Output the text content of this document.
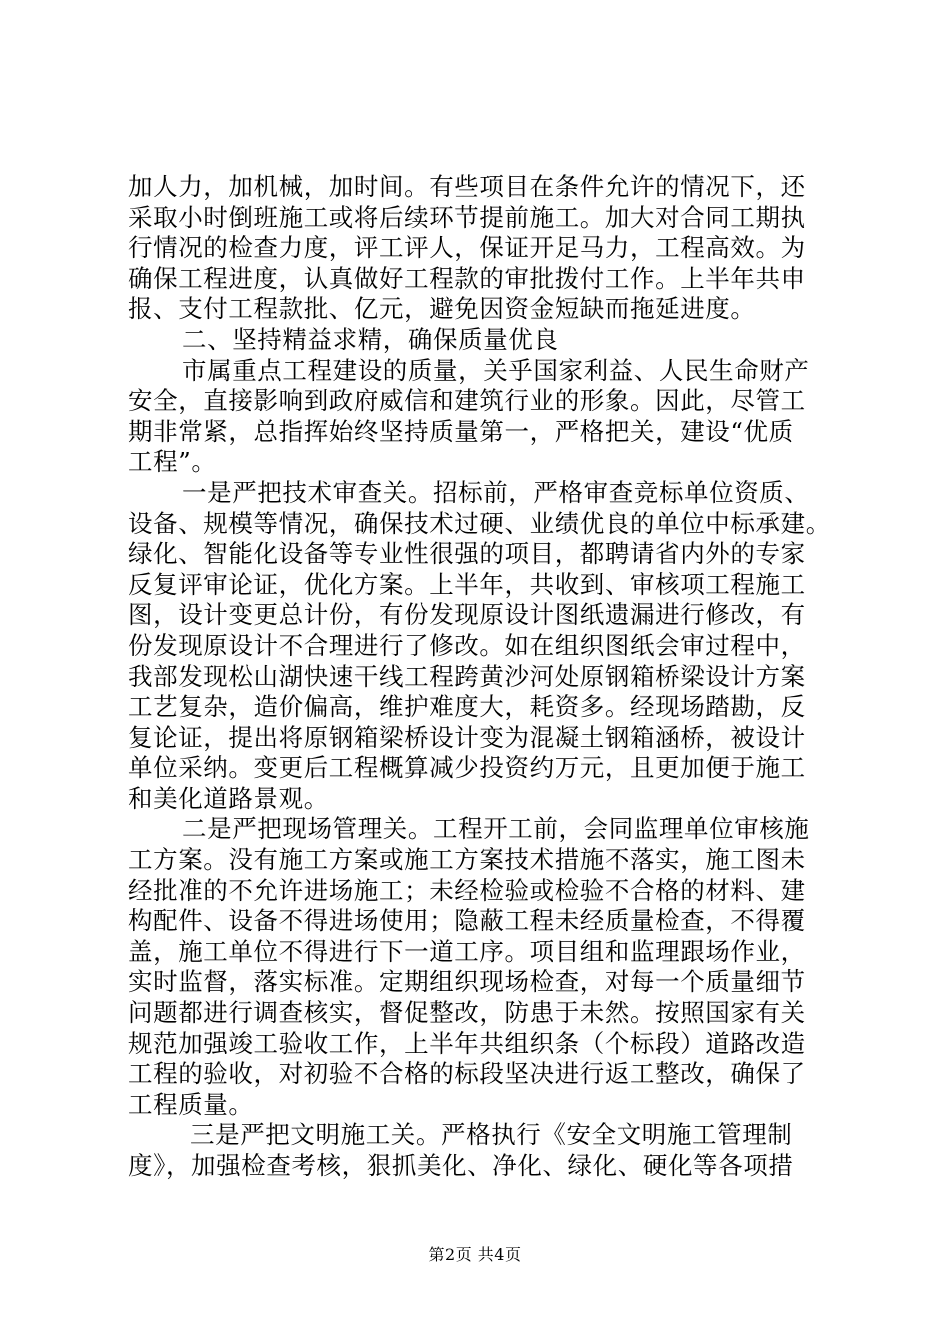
加人力，加机械，加时间。有些项目在条件允许的情况下，还
采取小时倒班施工或将后续环节提前施工。加大对合同工期执
行情况的检查力度，评工评人，保证开足马力，工程高效。为
确保工程进度，认真做好工程款的审批拨付工作。上半年共申
报、支付工程款批、亿元，避免因资金短缺而拖延进度。
二、坚持精益求精，确保质量优良
市属重点工程建设的质量，关乎国家利益、人民生命财产
安全，直接影响到政府威信和建筑行业的形象。因此，尽管工
期非常紧，总指挥始终坚持质量第一，严格把关，建设“优质
工程”。
一是严把技术审查关。招标前，严格审查竞标单位资质、
设备、规模等情况，确保技术过硬、业绩优良的单位中标承建。
绿化、智能化设备等专业性很强的项目，都聘请省内外的专家
反复评审论证，优化方案。上半年，共收到、审核项工程施工
图，设计变更总计份，有份发现原设计图纸遗漏进行修改，有
份发现原设计不合理进行了修改。如在组织图纸会审过程中，
我部发现松山湖快速干线工程跨黄沙河处原钢箱桥梁设计方案
工艺复杂，造价偏高，维护难度大，耗资多。经现场踏勘，反
复论证，提出将原钢箱梁桥设计变为混凝土钢箱涵桥，被设计
单位采纳。变更后工程概算减少投资约万元，且更加便于施工
和美化道路景观。
二是严把现场管理关。工程开工前，会同监理单位审核施
工方案。没有施工方案或施工方案技术措施不落实，施工图未
经批准的不允许进场施工；未经检验或检验不合格的材料、建
构配件、设备不得进场使用；隐蔽工程未经质量检查，不得覆
盖，施工单位不得进行下一道工序。项目组和监理跟场作业，
实时监督，落实标准。定期组织现场检查，对每一个质量细节
问题都进行调查核实，督促整改，防患于未然。按照国家有关
规范加强竣工验收工作，上半年共组织条（个标段）道路改造
工程的验收，对初验不合格的标段坚决进行返工整改，确保了
工程质量。
三是严把文明施工关。严格执行《安全文明施工管理制
度》，加强检查考核，狠抓美化、净化、绿化、硬化等各项措
第2页 共4页
